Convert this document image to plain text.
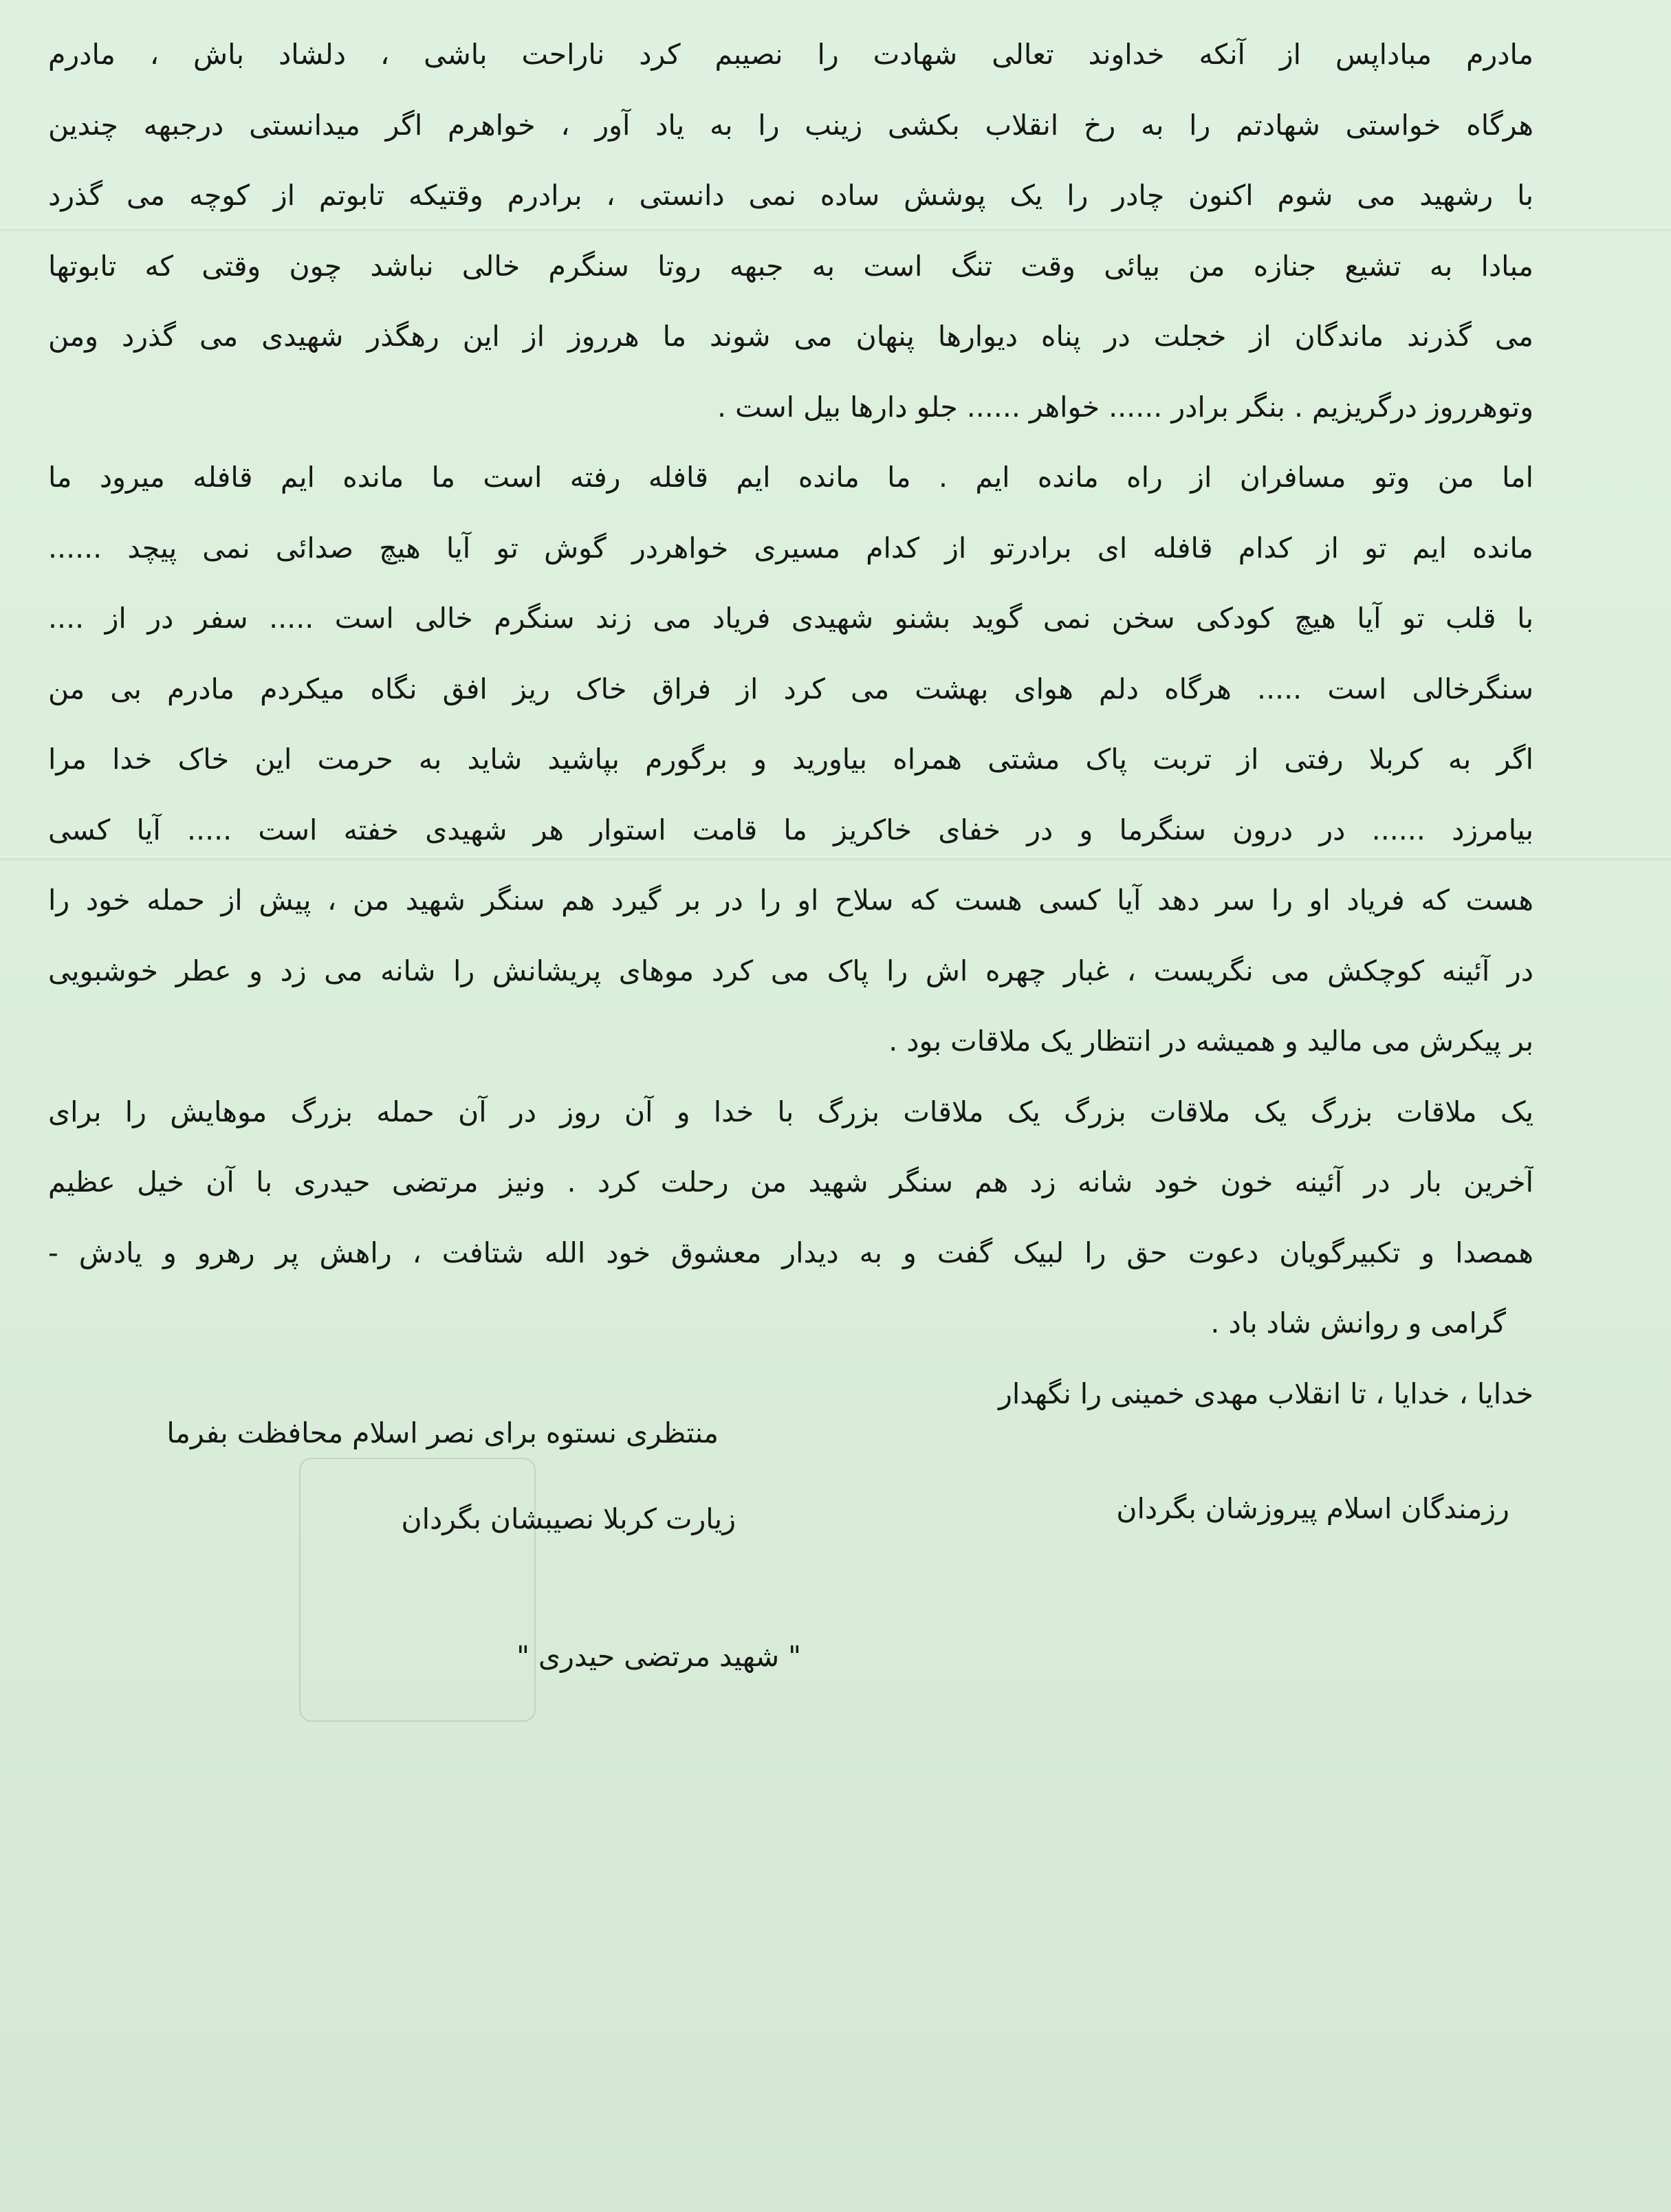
مادرم مباداپس از آنکه خداوند تعالی شهادت را نصیبم کرد ناراحت باشی ، دلشاد باش ، مادرم
هرگاه خواستی شهادتم را به رخ انقلاب بکشی زینب را به یاد آور ، خواهرم اگر میدانستی درجبهه چندین
با رشهید می شوم اکنون چادر را یک پوشش ساده نمی دانستی ، برادرم وقتیکه تابوتم از کوچه می گذرد
مبادا به تشیع جنازه من بیائی وقت تنگ است به جبهه روتا سنگرم خالی نباشد چون وقتی که تابوتها
می گذرند ماندگان از خجلت در پناه دیوارها پنهان می شوند ما هرروز از این رهگذر شهیدی می گذرد ومن
وتوهرروز درگریزیم . بنگر برادر ...... خواهر ...... جلو دارها بیل است .
اما من وتو مسافران از راه مانده ایم . ما مانده ایم قافله رفته است ما مانده ایم قافله میرود ما
مانده ایم تو از کدام قافله ای برادرتو از کدام مسیری خواهردر گوش تو آیا هیچ صدائی نمی پیچد ......
با قلب تو آیا هیچ کودکی سخن نمی گوید بشنو شهیدی فریاد می زند سنگرم خالی است ..... سفر در از ....
سنگرخالی است ..... هرگاه دلم هوای بهشت می کرد از فراق خاک ریز افق نگاه میکردم مادرم بی من
اگر به کربلا رفتی از تربت پاک مشتی همراه بیاورید و برگورم بپاشید شاید به حرمت این خاک خدا مرا
بیامرزد ...... در درون سنگرما و در خفای خاکریز ما قامت استوار هر شهیدی خفته است ..... آیا کسی
هست که فریاد او را سر دهد آیا کسی هست که سلاح او را در بر گیرد هم سنگر شهید من ، پیش از حمله خود را
در آئینه کوچکش می نگریست ، غبار چهره اش را پاک می کرد موهای پریشانش را شانه می زد و عطر خوشبویی
بر پیکرش می مالید و همیشه در انتظار یک ملاقات بود .
یک ملاقات بزرگ یک ملاقات بزرگ یک ملاقات بزرگ با خدا و آن روز در آن حمله بزرگ موهایش را برای
آخرین بار در آئینه خون خود شانه زد هم سنگر شهید من رحلت کرد . ونیز مرتضی حیدری با آن خیل عظیم
همصدا و تکبیرگویان دعوت حق را لبیک گفت و به دیدار معشوق خود الله شتافت ، راهش پر رهرو و یادش -
گرامی و روانش شاد باد .
خدایا ، خدایا ، تا انقلاب مهدی خمینی را نگهدار
منتظری نستوه برای نصر اسلام محافظت بفرما
رزمندگان اسلام پیروزشان بگردان
زیارت کربلا نصیبشان بگردان
" شهید مرتضی حیدری "
